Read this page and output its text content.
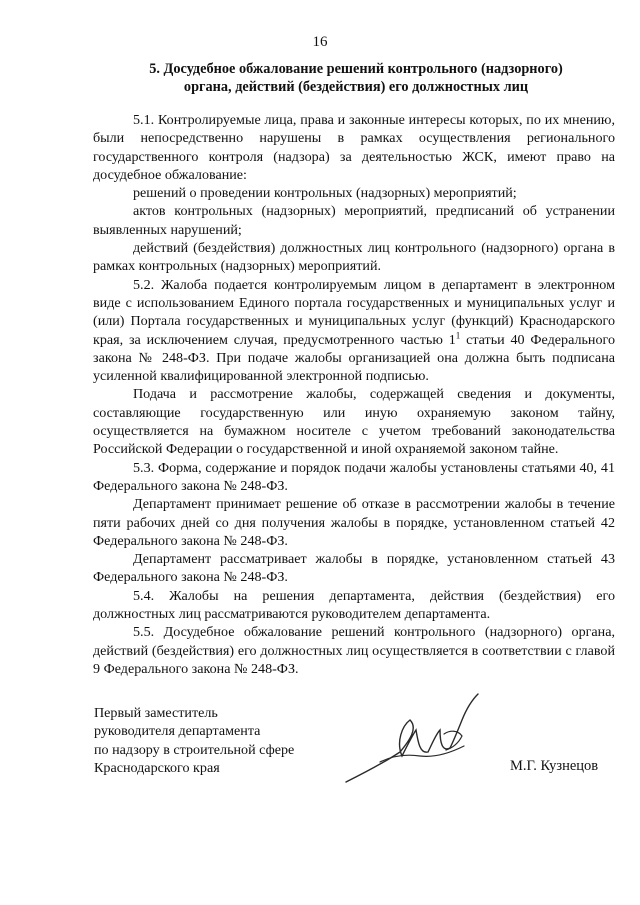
16
5. Досудебное обжалование решений контрольного (надзорного)
органа, действий (бездействия) его должностных лиц

5.1. Контролируемые лица, права и законные интересы которых, по их мнению, были непосредственно нарушены в рамках осуществления регионального государственного контроля (надзора) за деятельностью ЖСК, имеют право на досудебное обжалование:

решений о проведении контрольных (надзорных) мероприятий;

актов контрольных (надзорных) мероприятий, предписаний об устранении выявленных нарушений;

действий (бездействия) должностных лиц контрольного (надзорного) органа в рамках контрольных (надзорных) мероприятий.

5.2. Жалоба подается контролируемым лицом в департамент в электронном виде с использованием Единого портала государственных и муниципальных услуг и (или) Портала государственных и муниципальных услуг (функций) Краснодарского края, за исключением случая, предусмотренного частью $1^1$ статьи 40 Федерального закона № 248-ФЗ. При подаче жалобы организацией она должна быть подписана усиленной квалифицированной электронной подписью.

Подача и рассмотрение жалобы, содержащей сведения и документы, составляющие государственную или иную охраняемую законом тайну, осуществляется на бумажном носителе с учетом требований законодательства Российской Федерации о государственной и иной охраняемой законом тайне.

5.3. Форма, содержание и порядок подачи жалобы установлены статьями 40, 41 Федерального закона № 248-ФЗ.

Департамент принимает решение об отказе в рассмотрении жалобы в течение пяти рабочих дней со дня получения жалобы в порядке, установленном статьей 42 Федерального закона № 248-ФЗ.

Департамент рассматривает жалобы в порядке, установленном статьей 43 Федерального закона № 248-ФЗ.

5.4. Жалобы на решения департамента, действия (бездействия) его должностных лиц рассматриваются руководителем департамента.

5.5. Досудебное обжалование решений контрольного (надзорного) органа, действий (бездействия) его должностных лиц осуществляется в соответствии с главой 9 Федерального закона № 248-ФЗ.

Первый заместитель
руководителя департамента
по надзору в строительной сфере
Краснодарского края	М.Г. Кузнецов
